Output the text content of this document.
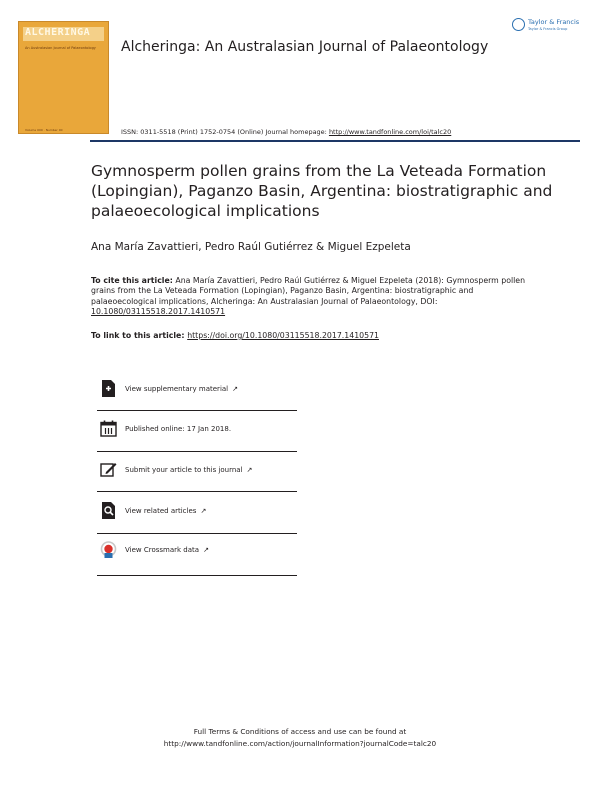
ALCHERINGA
An Australasian Journal of Palaeontology
Volume 000 · Number 00
Alcheringa: An Australasian Journal of Palaeontology
Taylor & Francis
Taylor & Francis Group
ISSN: 0311-5518 (Print) 1752-0754 (Online) Journal homepage: http://www.tandfonline.com/loi/talc20
Gymnosperm pollen grains from the La Veteada Formation (Lopingian), Paganzo Basin, Argentina: biostratigraphic and palaeoecological implications
Ana María Zavattieri, Pedro Raúl Gutiérrez & Miguel Ezpeleta
To cite this article: Ana María Zavattieri, Pedro Raúl Gutiérrez & Miguel Ezpeleta (2018): Gymnosperm pollen grains from the La Veteada Formation (Lopingian), Paganzo Basin, Argentina: biostratigraphic and palaeoecological implications, Alcheringa: An Australasian Journal of Palaeontology, DOI: 10.1080/03115518.2017.1410571
To link to this article: https://doi.org/10.1080/03115518.2017.1410571
View supplementary material ↗
Published online: 17 Jan 2018.
Submit your article to this journal ↗
View related articles ↗
View Crossmark data ↗
Full Terms & Conditions of access and use can be found at
http://www.tandfonline.com/action/journalInformation?journalCode=talc20
